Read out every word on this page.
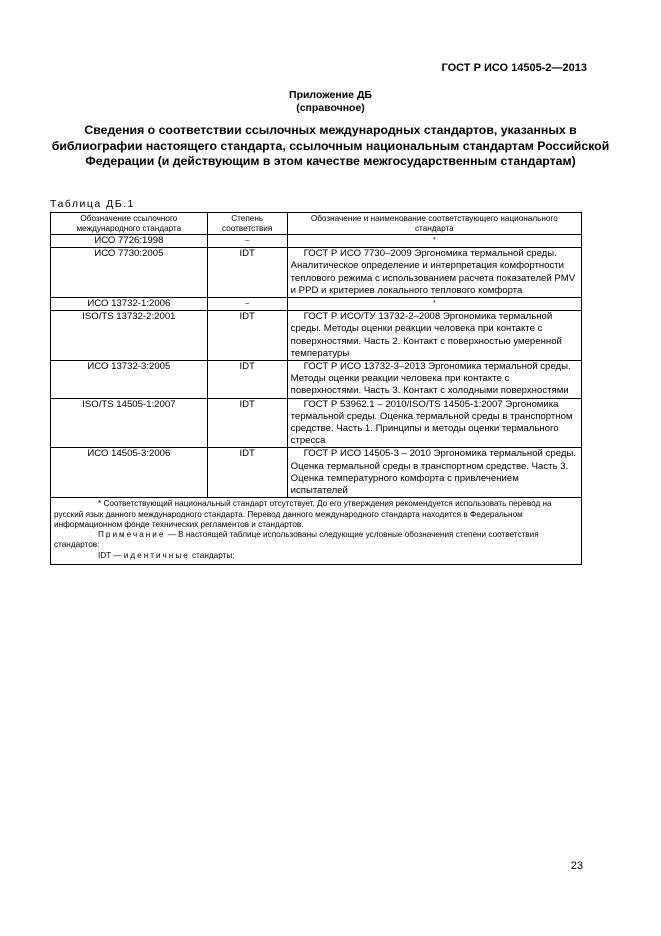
ГОСТ Р ИСО 14505-2—2013
Приложение ДБ
(справочное)
Сведения о соответствии ссылочных международных стандартов, указанных в библиографии настоящего стандарта, ссылочным национальным стандартам Российской Федерации (и действующим в этом качестве межгосударственным стандартам)
Таблица ДБ.1
Обозначение ссылочного международного стандарта	Степень соответствия	Обозначение и наименование соответствующего национального стандарта
ИСО 7726:1998	–	*
ИСО 7730:2005	IDT	ГОСТ Р ИСО 7730–2009 Эргономика термальной среды. Аналитическое определение и интерпретация комфортности теплового режима с использованием расчета показателей PMV и PPD и критериев локального теплового комфорта

ИСО 13732-1:2006	–	*
ISO/TS 13732-2:2001	IDT	ГОСТ Р ИСО/ТУ 13732-2–2008 Эргономика термальной среды. Методы оценки реакции человека при контакте с поверхностями. Часть 2. Контакт с поверхностью умеренной температуры

ИСО 13732-3:2005	IDT	ГОСТ Р ИСО 13732-3–2013 Эргономика термальной среды. Методы оценки реакции человека при контакте с поверхностями. Часть 3. Контакт с холодными поверхностями

ISO/TS 14505-1:2007	IDT	ГОСТ Р 53962.1 – 2010/ISO/TS 14505-1:2007 Эргономика термальной среды. Оценка термальной среды в транспортном средстве. Часть 1. Принципы и методы оценки термального стресса

ИСО 14505-3:2006	IDT	ГОСТ Р ИСО 14505-3 – 2010 Эргономика термальной среды. Оценка термальной среды в транспортном средстве. Часть 3. Оценка температурного комфорта с привлечением испытателей

* Соответствующий национальный стандарт отсутствует. До его утверждения рекомендуется использовать перевод на русский язык данного международного стандарта. Перевод данного международного стандарта находится в Федеральном информационном фонде технических регламентов и стандартов.

Примечание — В настоящей таблице использованы следующие условные обозначения степени соответствия стандартов:

IDT — идентичные стандарты;		

23
